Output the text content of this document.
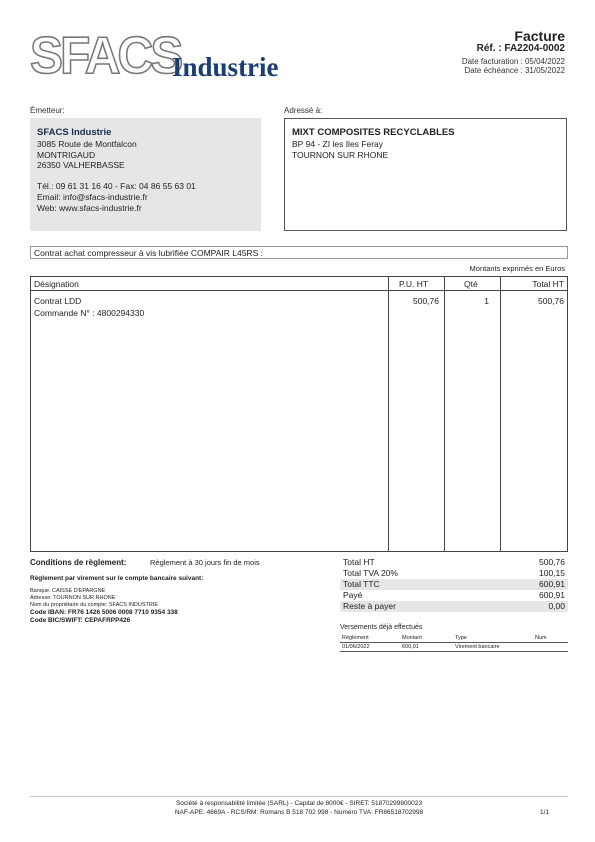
SFACS
Industrie
Facture
Réf. : FA2204-0002
Date facturation : 05/04/2022
Date échéance : 31/05/2022
Émetteur:	Adressé à:
SFACS Industrie
3085 Route de Montfalcon
MONTRIGAUD
26350 VALHERBASSE
Tél.: 09 61 31 16 40 - Fax: 04 86 55 63 01
Email: info@sfacs-industrie.fr
Web: www.sfacs-industrie.fr
MIXT COMPOSITES RECYCLABLES
BP 94 - ZI les Iles Feray
TOURNON SUR RHONE
Contrat achat compresseur à vis lubrifiée COMPAIR L45RS :
Montants exprimés en Euros
Désignation	P.U. HT	Qté	Total HT
Contrat LDD
Commande N° : 4800294330
500,76	1	500,76
Conditions de règlement:	Règlement à 30 jours fin de mois
Règlement par virement sur le compte bancaire suivant:
Banque: CAISSE D'EPARGNE
Adresse: TOURNON SUR RHONE
Nom du propriétaire du compte: SFACS INDUSTRIE
Code IBAN: FR76 1426 5006 0008 7710 9354 338
Code BIC/SWIFT: CEPAFRPP426
Total HT	500,76
Total TVA 20%	100,15
Total TTC	600,91
Payé	600,91
Reste à payer	0,00
Versements déjà effectués
Règlement	Montant	Type	Num
01/06/2022	600,91	Virement bancaire
Société à responsabilité limitée (SARL) - Capital de 8000€ - SIRET: 51870299800023
NAF-APE: 4669A - RCS/RM: Romans B 518 702 998 - Numéro TVA: FR86518702998	1/1
